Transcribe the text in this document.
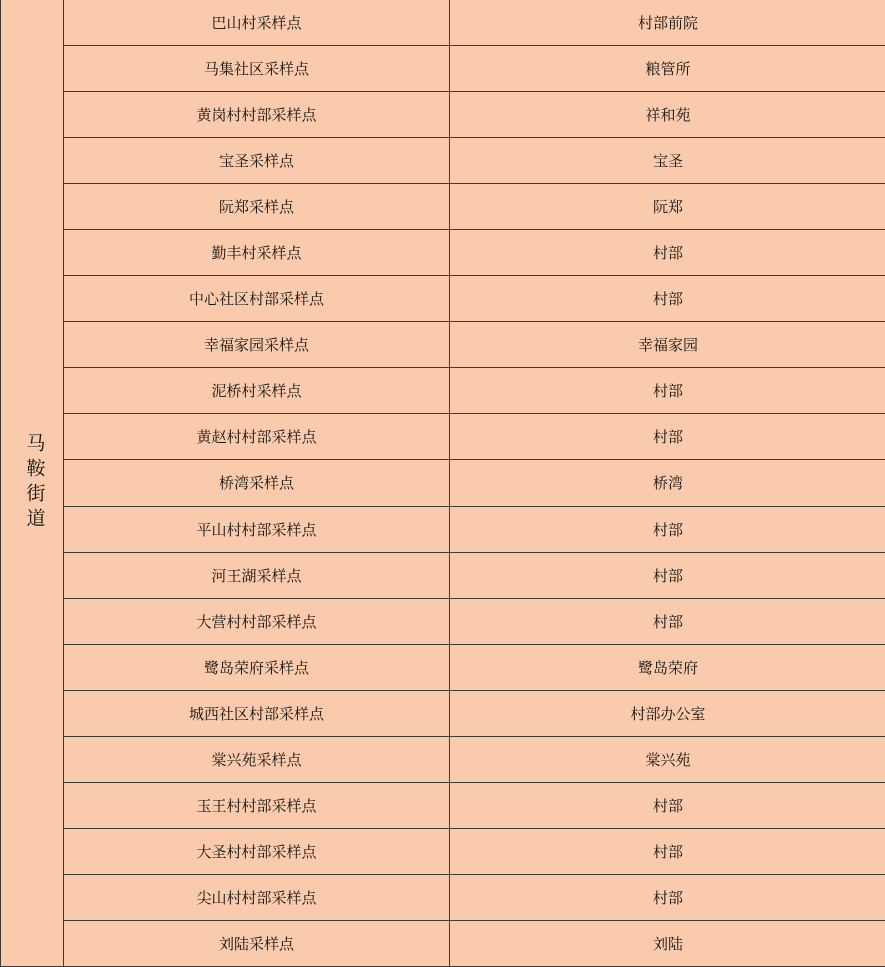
马鞍街道	巴山村采样点	村部前院
	马集社区采样点	粮管所
	黄岗村村部采样点	祥和苑
	宝圣采样点	宝圣
	阮郑采样点	阮郑
	勤丰村采样点	村部
	中心社区村部采样点	村部
	幸福家园采样点	幸福家园
	泥桥村采样点	村部
	黄赵村村部采样点	村部
	桥湾采样点	桥湾
	平山村村部采样点	村部
	河王湖采样点	村部
	大营村村部采样点	村部
	鹭岛荣府采样点	鹭岛荣府
	城西社区村部采样点	村部办公室
	棠兴苑采样点	棠兴苑
	玉王村村部采样点	村部
	大圣村村部采样点	村部
	尖山村村部采样点	村部
	刘陆采样点	刘陆
